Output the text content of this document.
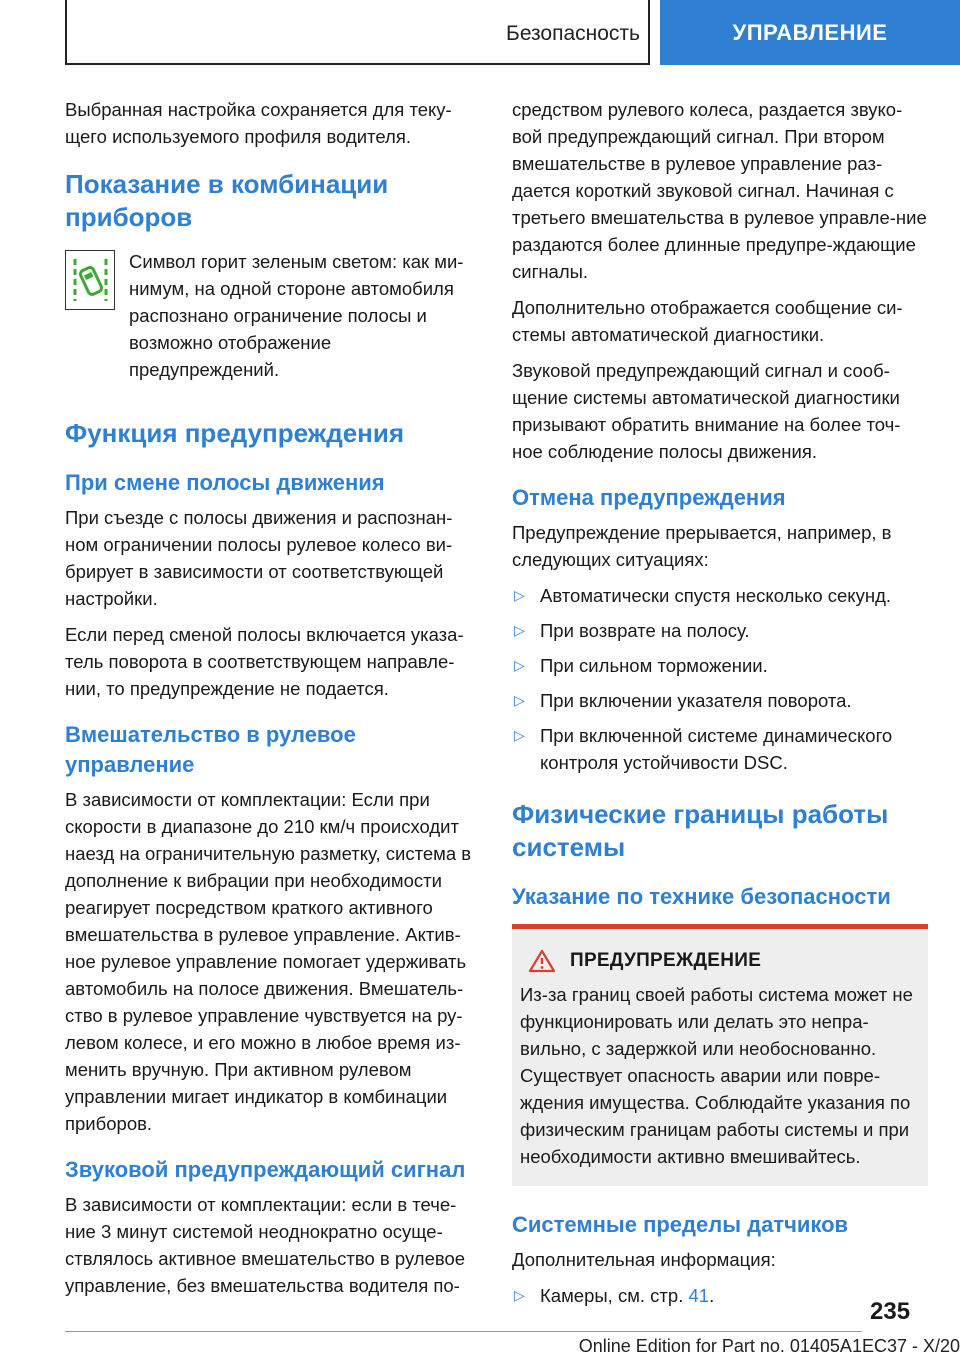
Безопасность	УПРАВЛЕНИЕ

Выбранная настройка сохраняется для теку-щего используемого профиля водителя.

Показание в комбинации приборов

Символ горит зеленым светом: как ми-нимум, на одной стороне автомобиля распознано ограничение полосы и возможно отображение предупреждений.

Функция предупреждения
При смене полосы движения

При съезде с полосы движения и распознан-ном ограничении полосы рулевое колесо ви-брирует в зависимости от соответствующей настройки.

Если перед сменой полосы включается указа-тель поворота в соответствующем направле-нии, то предупреждение не подается.

Вмешательство в рулевое управление

В зависимости от комплектации: Если при скорости в диапазоне до 210 км/ч происходит наезд на ограничительную разметку, система в дополнение к вибрации при необходимости реагирует посредством краткого активного вмешательства в рулевое управление. Актив-ное рулевое управление помогает удерживать автомобиль на полосе движения. Вмешатель-ство в рулевое управление чувствуется на ру-левом колесе, и его можно в любое время из-менить вручную. При активном рулевом управлении мигает индикатор в комбинации приборов.

Звуковой предупреждающий сигнал

В зависимости от комплектации: если в тече-ние 3 минут системой неоднократно осуще-ствлялось активное вмешательство в рулевое управление, без вмешательства водителя по-

средством рулевого колеса, раздается звуко-вой предупреждающий сигнал. При втором вмешательстве в рулевое управление раз-дается короткий звуковой сигнал. Начиная с третьего вмешательства в рулевое управле-ние раздаются более длинные предупре-ждающие сигналы.

Дополнительно отображается сообщение си-стемы автоматической диагностики.

Звуковой предупреждающий сигнал и сооб-щение системы автоматической диагностики призывают обратить внимание на более точ-ное соблюдение полосы движения.

Отмена предупреждения

Предупреждение прерывается, например, в следующих ситуациях:

▷ Автоматически спустя несколько секунд.
▷ При возврате на полосу.
▷ При сильном торможении.
▷ При включении указателя поворота.
▷ При включенной системе динамического контроля устойчивости DSC.
Физические границы работы системы
Указание по технике безопасности
ПРЕДУПРЕЖДЕНИЕ

Из-за границ своей работы система может не функционировать или делать это непра-вильно, с задержкой или необоснованно. Существует опасность аварии или повре-ждения имущества. Соблюдайте указания по физическим границам работы системы и при необходимости активно вмешивайтесь.

Системные пределы датчиков

Дополнительная информация:

▷ Камеры, см. стр. 41.
235
Online Edition for Part no. 01405A1EC37 - X/20
